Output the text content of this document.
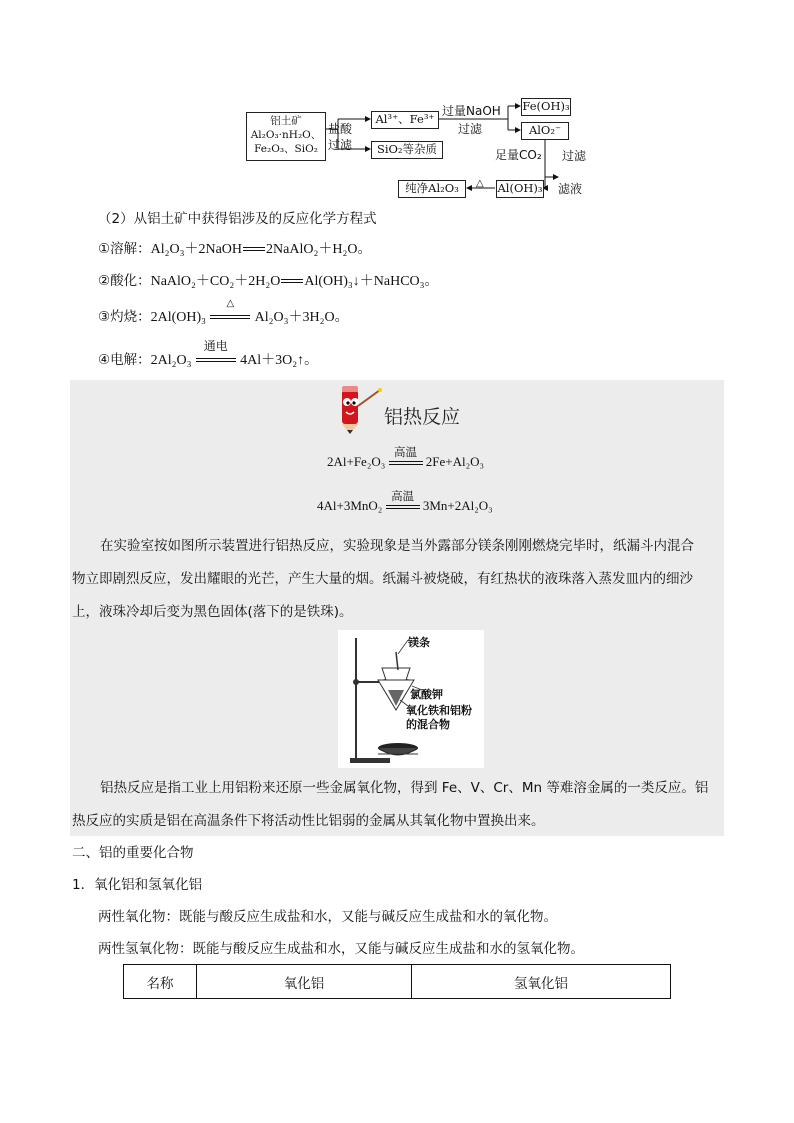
铝土矿
Al₂O₃·nH₂O、
Fe₂O₃、SiO₂
盐酸
过滤
Al³⁺、Fe³⁺
SiO₂等杂质
过量NaOH
过滤
Fe(OH)₃
AlO₂⁻
足量CO₂ 过滤
滤液
Al(OH)₃
△
纯净Al₂O₃
（2）从铝土矿中获得铝涉及的反应化学方程式
①溶解：Al₂O₃＋2NaOH 2NaAlO₂＋H₂O。
②酸化：NaAlO₂＋CO₂＋2H₂O Al(OH)₃↓＋NaHCO₃。
③灼烧：2Al(OH)₃
△
Al₂O₃＋3H₂O。
④电解：2Al₂O₃
通电
4Al＋3O₂↑。
铝热反应
2Al+Fe₂O₃
高温
2Fe+Al₂O₃
4Al+3MnO₂
高温
3Mn+2Al₂O₃
在实验室按如图所示装置进行铝热反应，实验现象是当外露部分镁条刚刚燃烧完毕时，纸漏斗内混合
物立即剧烈反应，发出耀眼的光芒，产生大量的烟。纸漏斗被烧破，有红热状的液珠落入蒸发皿内的细沙
上，液珠冷却后变为黑色固体(落下的是铁珠)。
镁条
氯酸钾
氧化铁和铝粉
的混合物
铝热反应是指工业上用铝粉来还原一些金属氧化物，得到 Fe、V、Cr、Mn 等难溶金属的一类反应。铝
热反应的实质是铝在高温条件下将活动性比铝弱的金属从其氧化物中置换出来。
二、铝的重要化合物
1．氧化铝和氢氧化铝
两性氧化物：既能与酸反应生成盐和水，又能与碱反应生成盐和水的氧化物。
两性氢氧化物：既能与酸反应生成盐和水，又能与碱反应生成盐和水的氢氧化物。
名称	氧化铝	氢氧化铝
